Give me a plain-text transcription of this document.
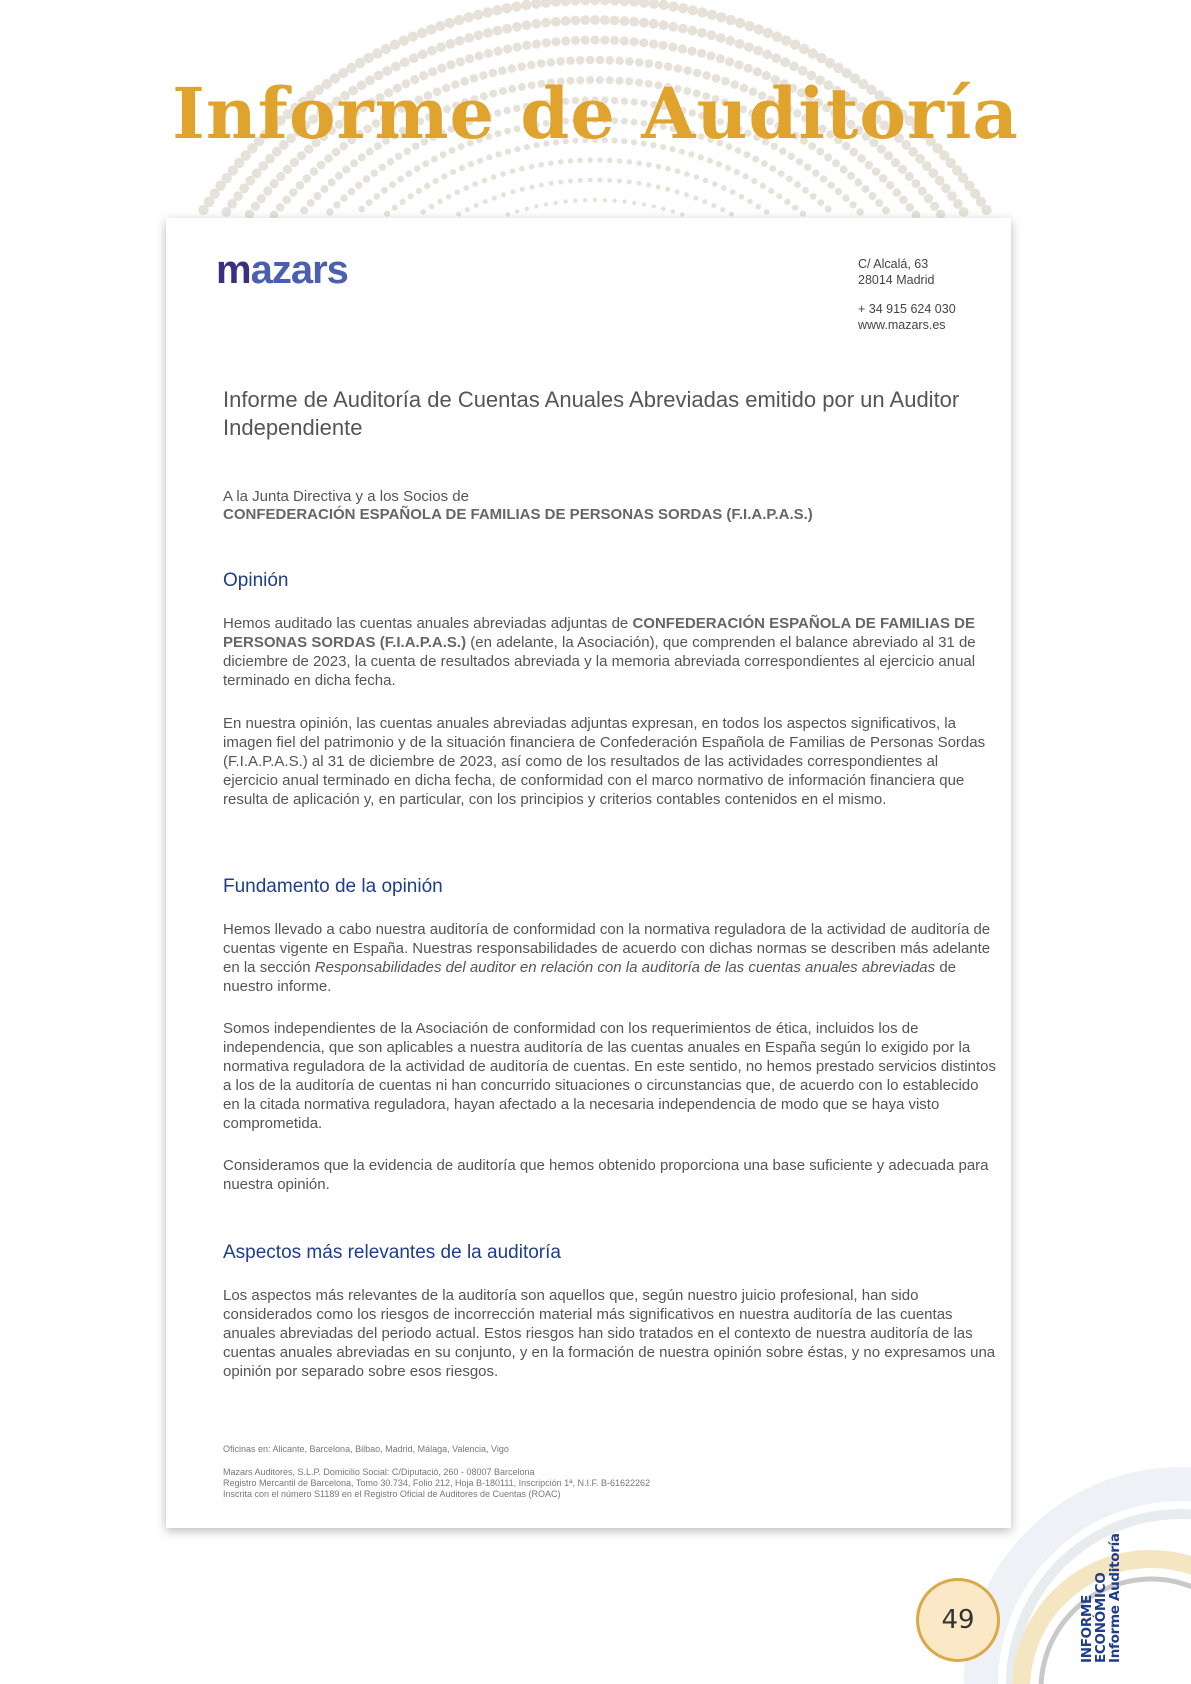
Informe de Auditoría
mazars	C/ Alcalá, 63
28014 Madrid
+ 34 915 624 030
www.mazars.es
Informe de Auditoría de Cuentas Anuales Abreviadas emitido por un Auditor Independiente
A la Junta Directiva y a los Socios de
CONFEDERACIÓN ESPAÑOLA DE FAMILIAS DE PERSONAS SORDAS (F.I.A.P.A.S.)
Opinión

Hemos auditado las cuentas anuales abreviadas adjuntas de CONFEDERACIÓN ESPAÑOLA DE FAMILIAS DE PERSONAS SORDAS (F.I.A.P.A.S.) (en adelante, la Asociación), que comprenden el balance abreviado al 31 de diciembre de 2023, la cuenta de resultados abreviada y la memoria abreviada correspondientes al ejercicio anual terminado en dicha fecha.

En nuestra opinión, las cuentas anuales abreviadas adjuntas expresan, en todos los aspectos significativos, la imagen fiel del patrimonio y de la situación financiera de Confederación Española de Familias de Personas Sordas (F.I.A.P.A.S.) al 31 de diciembre de 2023, así como de los resultados de las actividades correspondientes al ejercicio anual terminado en dicha fecha, de conformidad con el marco normativo de información financiera que resulta de aplicación y, en particular, con los principios y criterios contables contenidos en el mismo.

Fundamento de la opinión

Hemos llevado a cabo nuestra auditoría de conformidad con la normativa reguladora de la actividad de auditoría de cuentas vigente en España. Nuestras responsabilidades de acuerdo con dichas normas se describen más adelante en la sección Responsabilidades del auditor en relación con la auditoría de las cuentas anuales abreviadas de nuestro informe.

Somos independientes de la Asociación de conformidad con los requerimientos de ética, incluidos los de independencia, que son aplicables a nuestra auditoría de las cuentas anuales en España según lo exigido por la normativa reguladora de la actividad de auditoría de cuentas. En este sentido, no hemos prestado servicios distintos a los de la auditoría de cuentas ni han concurrido situaciones o circunstancias que, de acuerdo con lo establecido en la citada normativa reguladora, hayan afectado a la necesaria independencia de modo que se haya visto comprometida.

Consideramos que la evidencia de auditoría que hemos obtenido proporciona una base suficiente y adecuada para nuestra opinión.

Aspectos más relevantes de la auditoría

Los aspectos más relevantes de la auditoría son aquellos que, según nuestro juicio profesional, han sido considerados como los riesgos de incorrección material más significativos en nuestra auditoría de las cuentas anuales abreviadas del periodo actual. Estos riesgos han sido tratados en el contexto de nuestra auditoría de las cuentas anuales abreviadas en su conjunto, y en la formación de nuestra opinión sobre éstas, y no expresamos una opinión por separado sobre esos riesgos.

Oficinas en: Alicante, Barcelona, Bilbao, Madrid, Málaga, Valencia, Vigo
Mazars Auditores, S.L.P. Domicilio Social: C/Diputació, 260 - 08007 Barcelona
Registro Mercantil de Barcelona, Tomo 30.734, Folio 212, Hoja B-180111, Inscripción 1ª, N.I.F. B-61622262
Inscrita con el número S1189 en el Registro Oficial de Auditores de Cuentas (ROAC)
49	INFORME
ECONÓMICO
Informe Auditoría
